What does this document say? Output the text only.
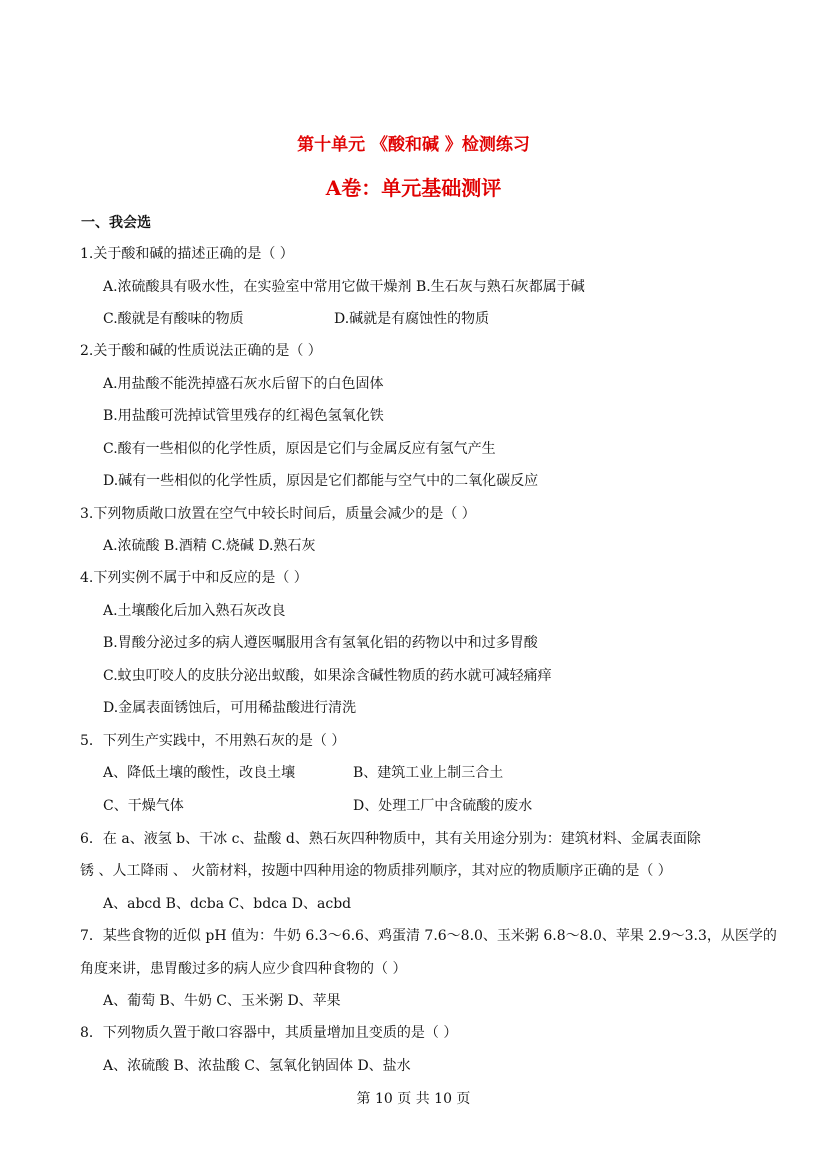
第十单元 《酸和碱 》检测练习
A卷：单元基础测评
一、我会选
1.关于酸和碱的描述正确的是（ ）
A.浓硫酸具有吸水性，在实验室中常用它做干燥剂 B.生石灰与熟石灰都属于碱
C.酸就是有酸味的物质	D.碱就是有腐蚀性的物质
2.关于酸和碱的性质说法正确的是（ ）
A.用盐酸不能洗掉盛石灰水后留下的白色固体
B.用盐酸可洗掉试管里残存的红褐色氢氧化铁
C.酸有一些相似的化学性质，原因是它们与金属反应有氢气产生
D.碱有一些相似的化学性质，原因是它们都能与空气中的二氧化碳反应
3.下列物质敞口放置在空气中较长时间后，质量会减少的是（ ）
A.浓硫酸 B.酒精 C.烧碱 D.熟石灰
4.下列实例不属于中和反应的是（ ）
A.土壤酸化后加入熟石灰改良
B.胃酸分泌过多的病人遵医嘱服用含有氢氧化铝的药物以中和过多胃酸
C.蚊虫叮咬人的皮肤分泌出蚁酸，如果涂含碱性物质的药水就可减轻痛痒
D.金属表面锈蚀后，可用稀盐酸进行清洗
5．下列生产实践中，不用熟石灰的是（ ）
A、降低土壤的酸性，改良土壤	B、建筑工业上制三合土
C、干燥气体	D、处理工厂中含硫酸的废水
6．在 a、液氢 b、干冰 c、盐酸 d、熟石灰四种物质中，其有关用途分别为：建筑材料、金属表面除
锈 、人工降雨 、 火箭材料，按题中四种用途的物质排列顺序，其对应的物质顺序正确的是（ ）
A、abcd B、dcba C、bdca D、acbd
7．某些食物的近似 pH 值为：牛奶 6.3～6.6、鸡蛋清 7.6～8.0、玉米粥 6.8～8.0、苹果 2.9～3.3，从医学的
角度来讲，患胃酸过多的病人应少食四种食物的（ ）
A、葡萄 B、牛奶 C、玉米粥 D、苹果
8．下列物质久置于敞口容器中，其质量增加且变质的是（ ）
A、浓硫酸 B、浓盐酸 C、氢氧化钠固体 D、盐水
第 10 页 共 10 页
